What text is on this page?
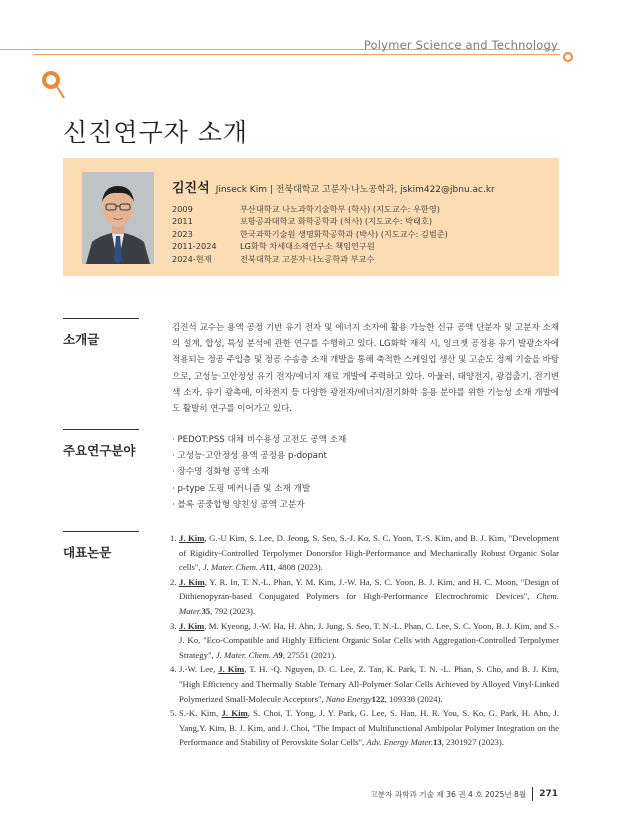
Polymer Science and Technology
신진연구자 소개
김진석 Jinseck Kim | 전북대학교 고분자·나노공학과, jskim422@jbnu.ac.kr
2009	부산대학교 나노과학기술학부 (학사) (지도교수: 우한영)
2011	포항공과대학교 화학공학과 (석사) (지도교수: 박태호)
2023	한국과학기술원 생명화학공학과 (박사) (지도교수: 김범준)
2011-2024	LG화학 차세대소재연구소 책임연구원
2024-현재	전북대학교 고분자·나노공학과 부교수
소개글
김진석 교수는 용액 공정 기반 유기 전자 및 에너지 소자에 활용 가능한 신규 공액 단분자 및 고분자 소재의 설계, 합성, 특성 분석에 관한 연구를 수행하고 있다. LG화학 재직 시, 잉크젯 공정용 유기 발광소자에 적용되는 정공 주입층 및 정공 수송층 소재 개발을 통해 축적한 스케일업 생산 및 고순도 정제 기술을 바탕으로, 고성능·고안정성 유기 전자/에너지 재료 개발에 주력하고 있다. 아울러, 태양전지, 광검출기, 전기변색 소자, 유기 광촉매, 이차전지 등 다양한 광전자/에너지/전기화학 응용 분야를 위한 기능성 소재 개발에도 활발히 연구를 이어가고 있다.
주요연구분야
· PEDOT:PSS 대체 비수용성 고전도 공액 소재
· 고성능·고안정성 용액 공정용 p-dopant
· 장수명 경화형 공액 소재
· p-type 도핑 메커니즘 및 소재 개발
· 블록 공중합형 양친성 공액 고분자
대표논문
1. J. Kim, G.-U Kim, S. Lee, D. Jeong, S. Seo, S.-J. Ko, S. C. Yoon, T.-S. Kim, and B. J. Kim, "Development of Rigidity-Controlled Terpolymer Donorsfor High-Performance and Mechanically Robust Organic Solar cells", J. Mater. Chem. A11, 4808 (2023).
2. J. Kim, Y. R. In, T. N.-L. Phan, Y. M. Kim, J.-W. Ha, S. C. Yoon, B. J. Kim, and H. C. Moon, "Design of Dithienopyran-based Conjugated Polymers for High-Performance Electrochromic Devices", Chem. Mater.35, 792 (2023).
3. J. Kim, M. Kyeong, J.-W. Ha, H. Ahn, J. Jung, S. Seo, T. N.-L. Phan, C. Lee, S. C. Yoon, B. J. Kim, and S.-J. Ko, "Eco-Compatible and Highly Efficient Organic Solar Cells with Aggregation-Controlled Terpolymer Strategy", J. Mater. Chem. A9, 27551 (2021).
4. J.-W. Lee, J. Kim, T. H. -Q. Nguyen, D. C. Lee, Z. Tan, K. Park, T. N. -L. Phan, S. Cho, and B. J. Kim, "High Efficiency and Thermally Stable Ternary All-Polymer Solar Cells Achieved by Alloyed Vinyl-Linked Polymerized Small-Molecule Acceptors", Nano Energy122, 109338 (2024).
5. S.-K. Kim, J. Kim, S. Choi, T. Yong, J. Y. Park, G. Lee, S. Han, H. R. You, S. Ko, G. Park, H. Ahn, J. Yang,Y. Kim, B. J. Kim, and J. Choi, "The Impact of Multifunctional Ambipolar Polymer Integration on the Performance and Stability of Perovskite Solar Cells", Adv. Energy Mater.13, 2301927 (2023).
고분자 과학과 기술 제 36 권 4 호 2025년 8월 271
